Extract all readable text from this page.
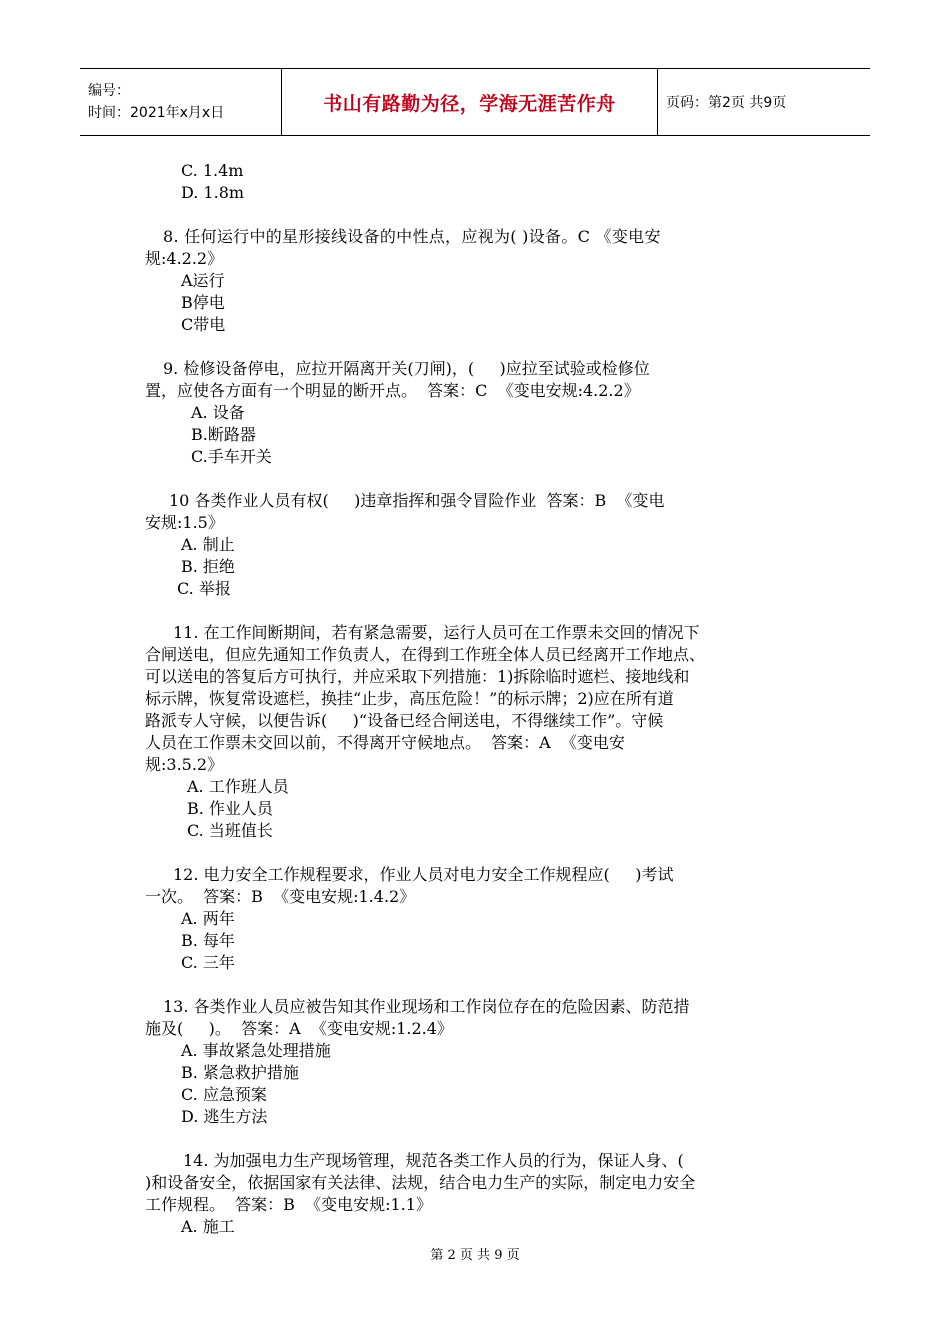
编号：
时间：2021年x月x日	书山有路勤为径，学海无涯苦作舟	页码：第2页 共9页
C. 1.4m
D. 1.8m
8. 任何运行中的星形接线设备的中性点，应视为( )设备。C 《变电安
规:4.2.2》
A运行
B停电
C带电
9. 检修设备停电，应拉开隔离开关(刀闸)，(     )应拉至试验或检修位
置，应使各方面有一个明显的断开点。  答案：C  《变电安规:4.2.2》
A. 设备
B.断路器
C.手车开关
10 各类作业人员有权(     )违章指挥和强令冒险作业  答案：B  《变电
安规:1.5》
A. 制止
B. 拒绝
C. 举报
11. 在工作间断期间，若有紧急需要，运行人员可在工作票未交回的情况下
合闸送电，但应先通知工作负责人，在得到工作班全体人员已经离开工作地点、
可以送电的答复后方可执行，并应采取下列措施：1)拆除临时遮栏、接地线和
标示牌，恢复常设遮栏，换挂“止步，高压危险！”的标示牌；2)应在所有道
路派专人守候，以便告诉(     )“设备已经合闸送电，不得继续工作”。守候
人员在工作票未交回以前，不得离开守候地点。  答案：A  《变电安
规:3.5.2》
A. 工作班人员
B. 作业人员
C. 当班值长
12. 电力安全工作规程要求，作业人员对电力安全工作规程应(     )考试
一次。  答案：B  《变电安规:1.4.2》
A. 两年
B. 每年
C. 三年
13. 各类作业人员应被告知其作业现场和工作岗位存在的危险因素、防范措
施及(     )。  答案：A  《变电安规:1.2.4》
A. 事故紧急处理措施
B. 紧急救护措施
C. 应急预案
D. 逃生方法
14. 为加强电力生产现场管理，规范各类工作人员的行为，保证人身、(
)和设备安全，依据国家有关法律、法规，结合电力生产的实际，制定电力安全
工作规程。  答案：B  《变电安规:1.1》
A. 施工
第 2 页 共 9 页
